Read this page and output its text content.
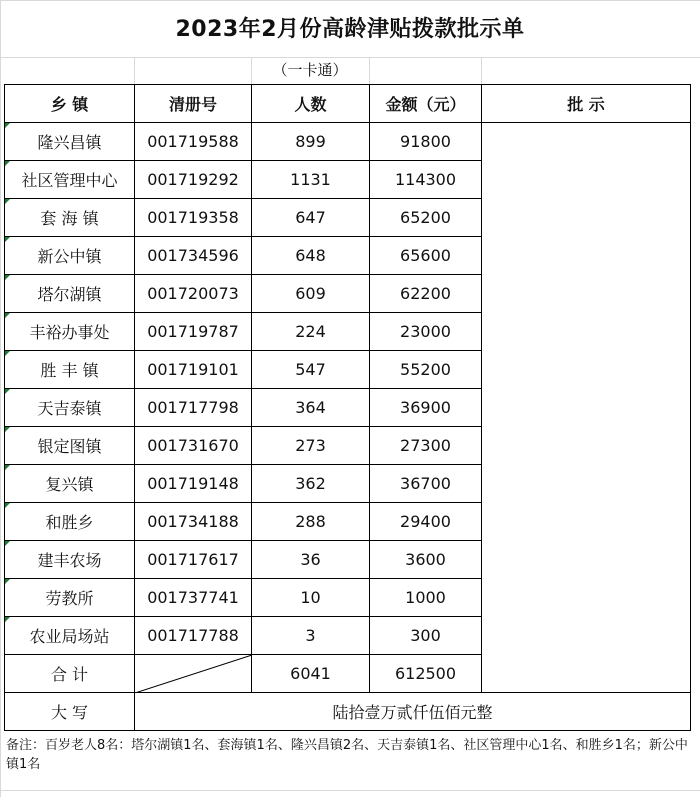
2023年2月份高龄津贴拨款批示单
（一卡通）
乡 镇	清册号	人数	金额（元）	批 示
隆兴昌镇	001719588	899	91800	
社区管理中心	001719292	1131	114300	
套 海 镇	001719358	647	65200	
新公中镇	001734596	648	65600	
塔尔湖镇	001720073	609	62200	
丰裕办事处	001719787	224	23000	
胜 丰 镇	001719101	547	55200	
天吉泰镇	001717798	364	36900	
银定图镇	001731670	273	27300	
复兴镇	001719148	362	36700	
和胜乡	001734188	288	29400	
建丰农场	001717617	36	3600	
劳教所	001737741	10	1000	
农业局场站	001717788	3	300	
合 计		6041	612500	
大 写	陆拾壹万贰仟伍佰元整			
备注：百岁老人8名：塔尔湖镇1名、套海镇1名、隆兴昌镇2名、天吉泰镇1名、社区管理中心1名、和胜乡1名；新公中镇1名
